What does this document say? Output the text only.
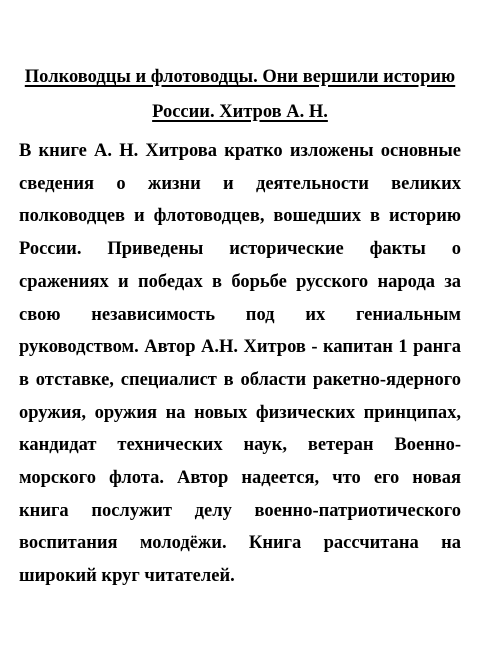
Полководцы и флотоводцы. Они вершили историю России. Хитров А. Н.

В книге А. Н. Хитрова кратко изложены основные сведения о жизни и деятельности великих полководцев и флотоводцев, вошедших в историю России. Приведены исторические факты о сражениях и победах в борьбе русского народа за свою независимость под их гениальным руководством. Автор А.Н. Хитров - капитан 1 ранга в отставке, специалист в области ракетно-ядерного оружия, оружия на новых физических принципах, кандидат технических наук, ветеран Военно-морского флота. Автор надеется, что его новая книга послужит делу военно-патриотического воспитания молодёжи. Книга рассчитана на широкий круг читателей.
